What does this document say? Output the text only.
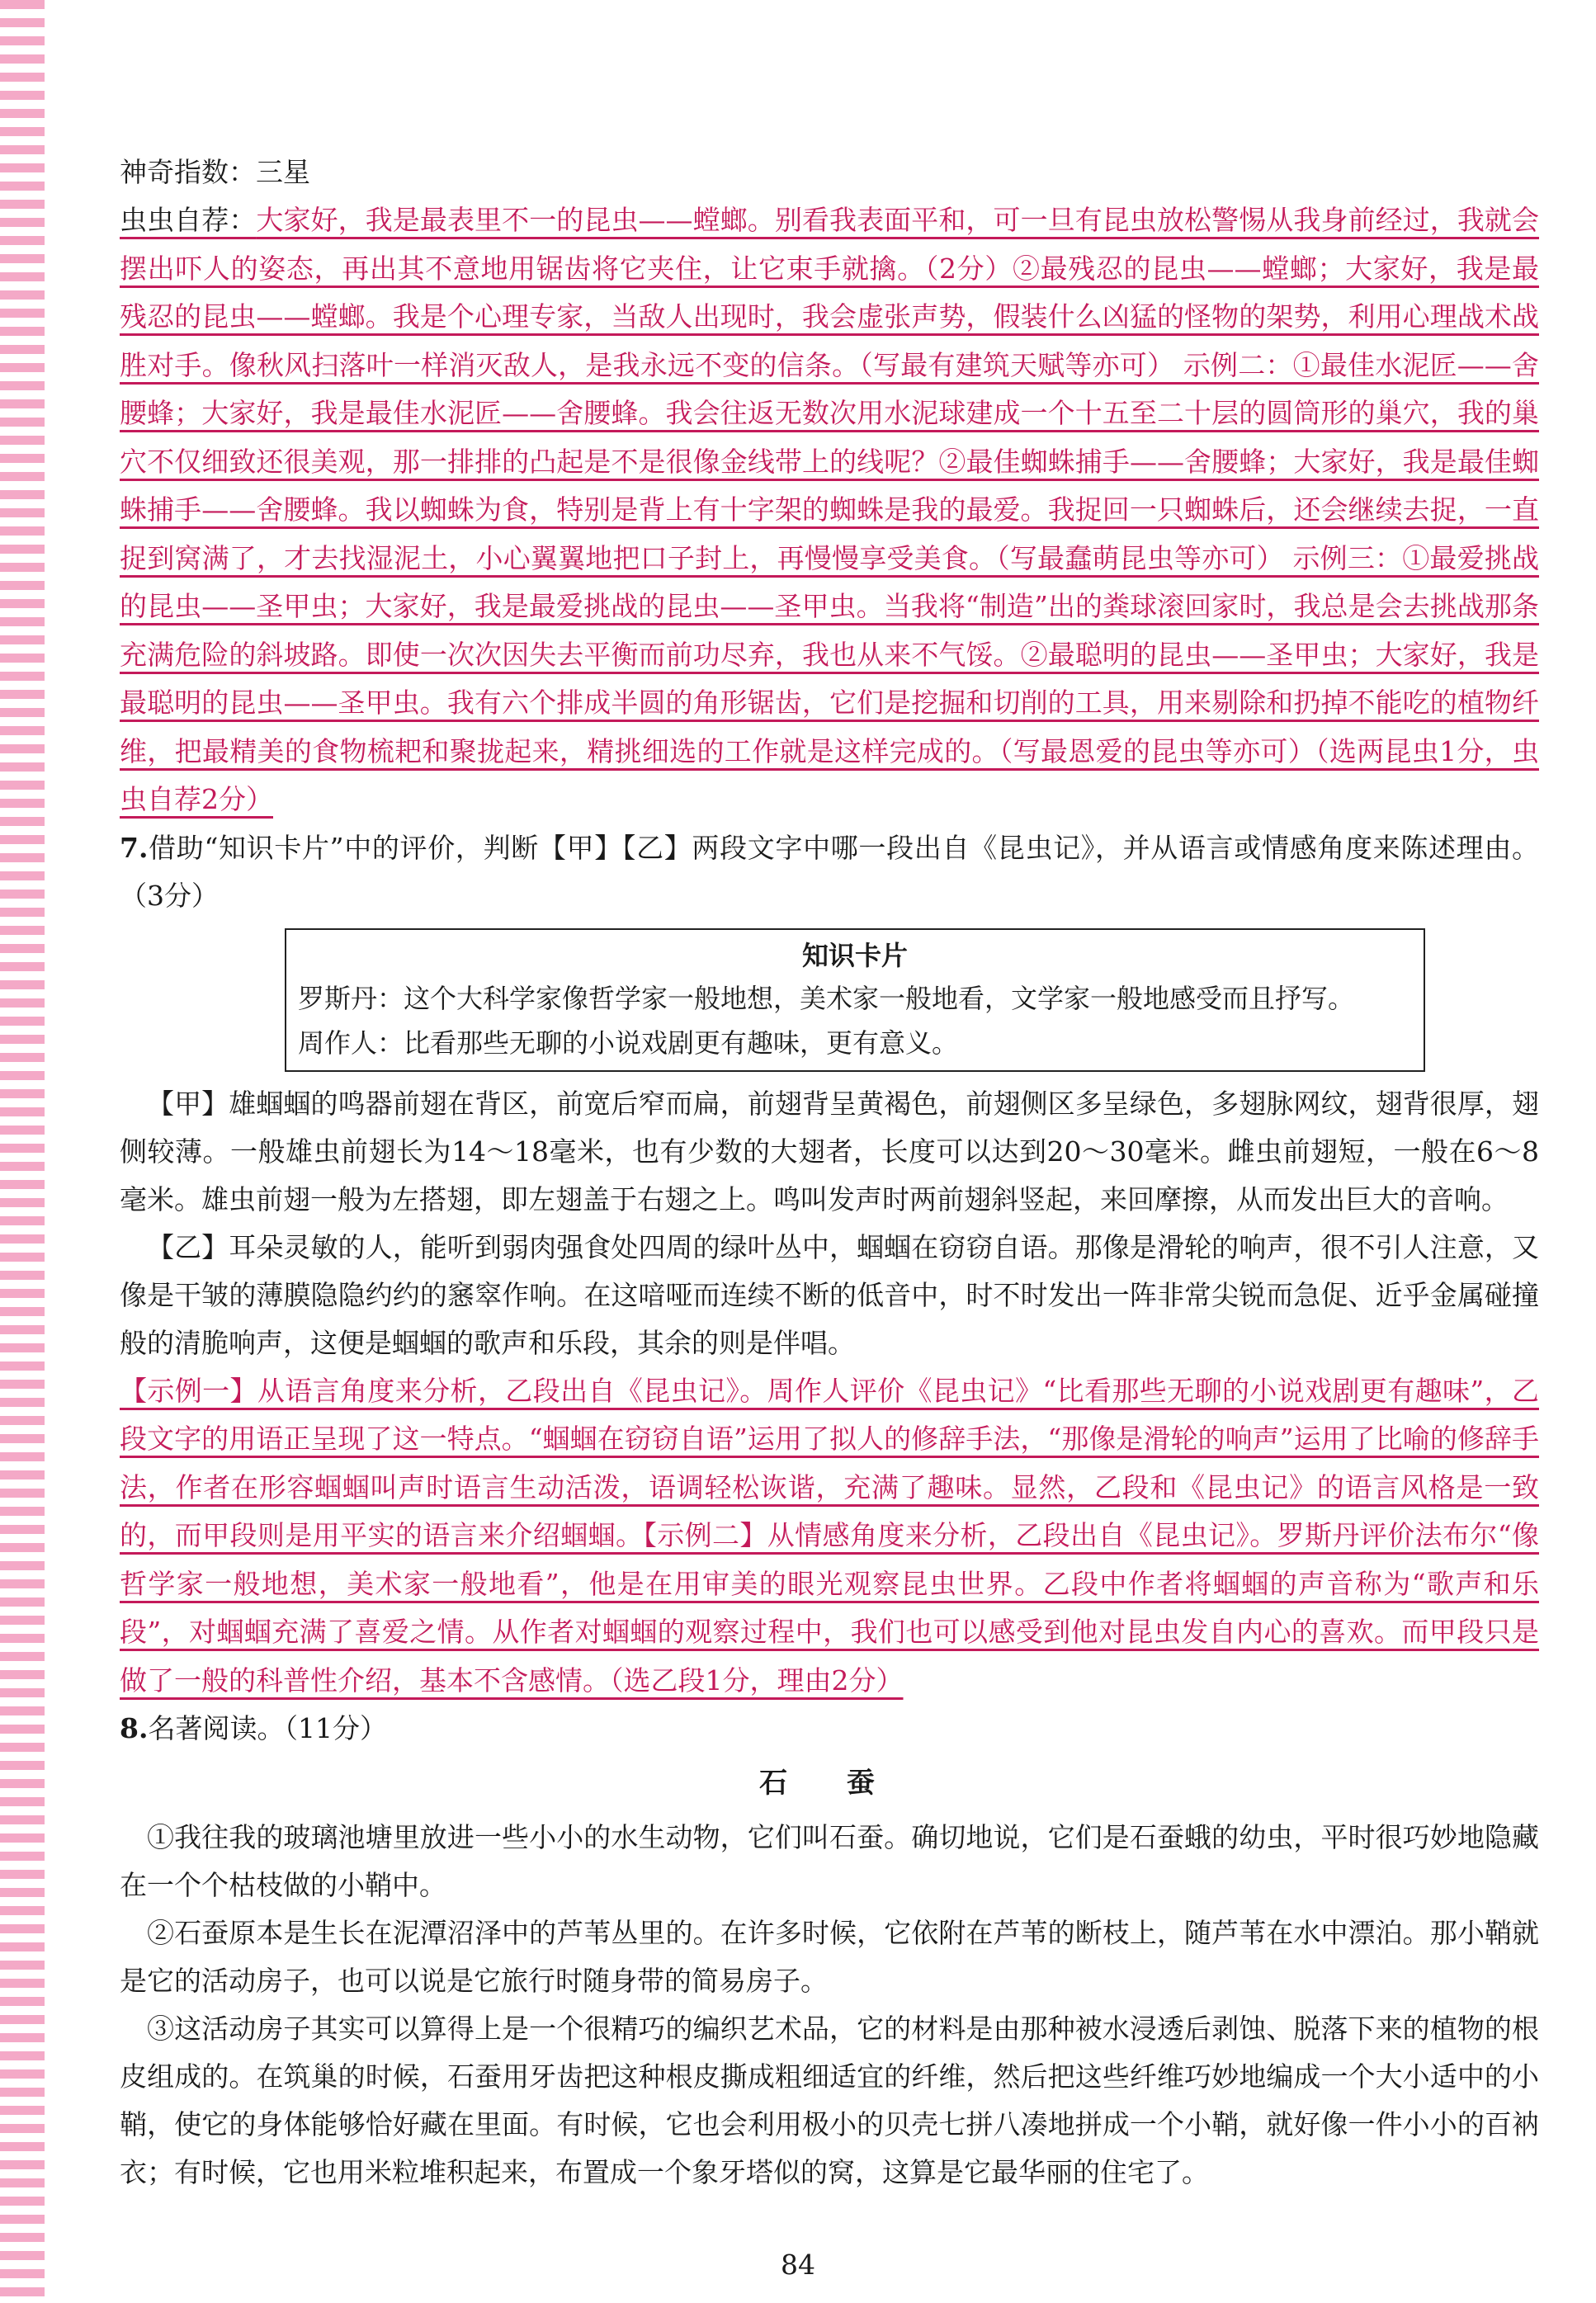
神奇指数：三星

虫虫自荐：大家好，我是最表里不一的昆虫——螳螂。别看我表面平和，可一旦有昆虫放松警惕从我身前经过，我就会摆出吓人的姿态，再出其不意地用锯齿将它夹住，让它束手就擒。（2分）②最残忍的昆虫——螳螂；大家好，我是最残忍的昆虫——螳螂。我是个心理专家，当敌人出现时，我会虚张声势，假装什么凶猛的怪物的架势，利用心理战术战胜对手。像秋风扫落叶一样消灭敌人，是我永远不变的信条。（写最有建筑天赋等亦可） 示例二：①最佳水泥匠——舍腰蜂；大家好，我是最佳水泥匠——舍腰蜂。我会往返无数次用水泥球建成一个十五至二十层的圆筒形的巢穴，我的巢穴不仅细致还很美观，那一排排的凸起是不是很像金线带上的线呢？②最佳蜘蛛捕手——舍腰蜂；大家好，我是最佳蜘蛛捕手——舍腰蜂。我以蜘蛛为食，特别是背上有十字架的蜘蛛是我的最爱。我捉回一只蜘蛛后，还会继续去捉，一直捉到窝满了，才去找湿泥土，小心翼翼地把口子封上，再慢慢享受美食。（写最蠢萌昆虫等亦可） 示例三：①最爱挑战的昆虫——圣甲虫；大家好，我是最爱挑战的昆虫——圣甲虫。当我将“制造”出的粪球滚回家时，我总是会去挑战那条充满危险的斜坡路。即使一次次因失去平衡而前功尽弃，我也从来不气馁。②最聪明的昆虫——圣甲虫；大家好，我是最聪明的昆虫——圣甲虫。我有六个排成半圆的角形锯齿，它们是挖掘和切削的工具，用来剔除和扔掉不能吃的植物纤维，把最精美的食物梳耙和聚拢起来，精挑细选的工作就是这样完成的。（写最恩爱的昆虫等亦可）（选两昆虫1分，虫虫自荐2分）

7.借助“知识卡片”中的评价，判断【甲】【乙】两段文字中哪一段出自《昆虫记》，并从语言或情感角度来陈述理由。（3分）

知识卡片

罗斯丹：这个大科学家像哲学家一般地想，美术家一般地看，文学家一般地感受而且抒写。

周作人：比看那些无聊的小说戏剧更有趣味，更有意义。

【甲】雄蝈蝈的鸣器前翅在背区，前宽后窄而扁，前翅背呈黄褐色，前翅侧区多呈绿色，多翅脉网纹，翅背很厚，翅侧较薄。一般雄虫前翅长为14～18毫米，也有少数的大翅者，长度可以达到20～30毫米。雌虫前翅短，一般在6～8毫米。雄虫前翅一般为左搭翅，即左翅盖于右翅之上。鸣叫发声时两前翅斜竖起，来回摩擦，从而发出巨大的音响。

【乙】耳朵灵敏的人，能听到弱肉强食处四周的绿叶丛中，蝈蝈在窃窃自语。那像是滑轮的响声，很不引人注意，又像是干皱的薄膜隐隐约约的窸窣作响。在这喑哑而连续不断的低音中，时不时发出一阵非常尖锐而急促、近乎金属碰撞般的清脆响声，这便是蝈蝈的歌声和乐段，其余的则是伴唱。

【示例一】从语言角度来分析，乙段出自《昆虫记》。周作人评价《昆虫记》“比看那些无聊的小说戏剧更有趣味”，乙段文字的用语正呈现了这一特点。“蝈蝈在窃窃自语”运用了拟人的修辞手法，“那像是滑轮的响声”运用了比喻的修辞手法，作者在形容蝈蝈叫声时语言生动活泼，语调轻松诙谐，充满了趣味。显然，乙段和《昆虫记》的语言风格是一致的，而甲段则是用平实的语言来介绍蝈蝈。【示例二】从情感角度来分析，乙段出自《昆虫记》。罗斯丹评价法布尔“像哲学家一般地想，美术家一般地看”，他是在用审美的眼光观察昆虫世界。乙段中作者将蝈蝈的声音称为“歌声和乐段”，对蝈蝈充满了喜爱之情。从作者对蝈蝈的观察过程中，我们也可以感受到他对昆虫发自内心的喜欢。而甲段只是做了一般的科普性介绍，基本不含感情。（选乙段1分，理由2分）

8.名著阅读。（11分）

石 蚕

①我往我的玻璃池塘里放进一些小小的水生动物，它们叫石蚕。确切地说，它们是石蚕蛾的幼虫，平时很巧妙地隐藏在一个个枯枝做的小鞘中。

②石蚕原本是生长在泥潭沼泽中的芦苇丛里的。在许多时候，它依附在芦苇的断枝上，随芦苇在水中漂泊。那小鞘就是它的活动房子，也可以说是它旅行时随身带的简易房子。

③这活动房子其实可以算得上是一个很精巧的编织艺术品，它的材料是由那种被水浸透后剥蚀、脱落下来的植物的根皮组成的。在筑巢的时候，石蚕用牙齿把这种根皮撕成粗细适宜的纤维，然后把这些纤维巧妙地编成一个大小适中的小鞘，使它的身体能够恰好藏在里面。有时候，它也会利用极小的贝壳七拼八凑地拼成一个小鞘，就好像一件小小的百衲衣；有时候，它也用米粒堆积起来，布置成一个象牙塔似的窝，这算是它最华丽的住宅了。

84
